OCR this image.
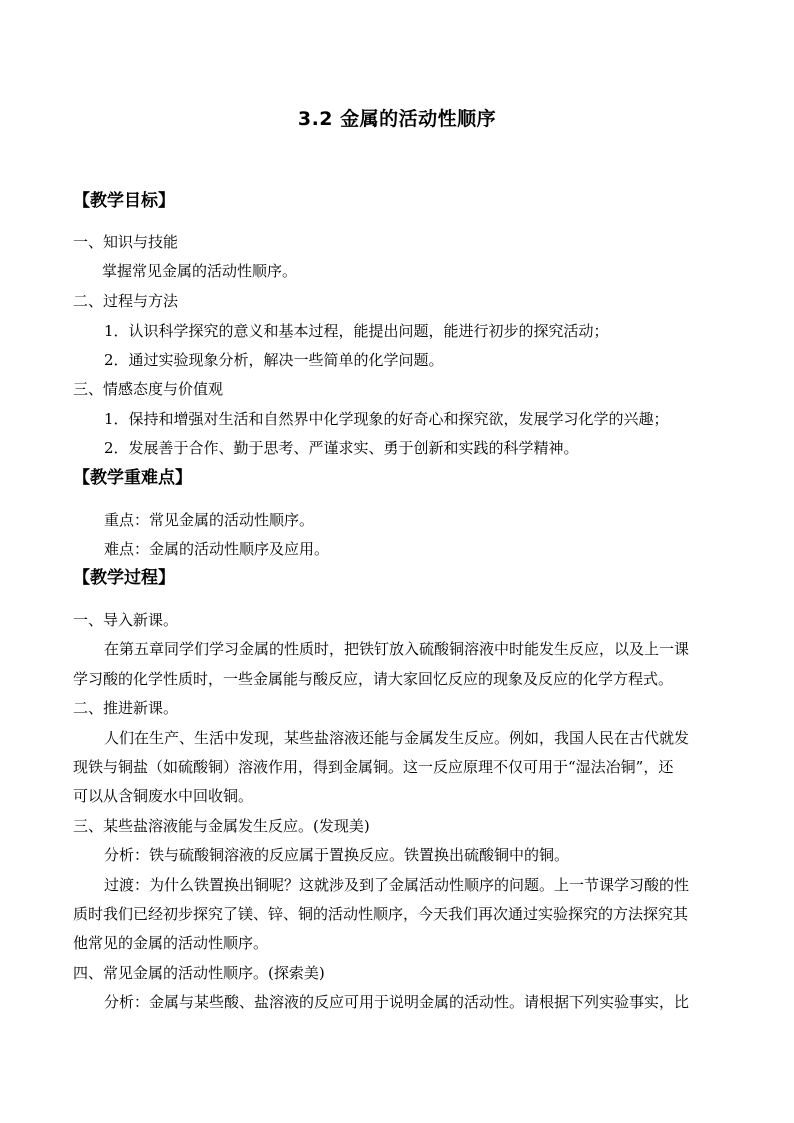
3.2 金属的活动性顺序
【教学目标】
一、知识与技能
掌握常见金属的活动性顺序。
二、过程与方法
1．认识科学探究的意义和基本过程，能提出问题，能进行初步的探究活动；
2．通过实验现象分析，解决一些简单的化学问题。
三、情感态度与价值观
1．保持和增强对生活和自然界中化学现象的好奇心和探究欲，发展学习化学的兴趣；
2．发展善于合作、勤于思考、严谨求实、勇于创新和实践的科学精神。
【教学重难点】
重点：常见金属的活动性顺序。
难点：金属的活动性顺序及应用。
【教学过程】
一、导入新课。
在第五章同学们学习金属的性质时，把铁钉放入硫酸铜溶液中时能发生反应，以及上一课
学习酸的化学性质时，一些金属能与酸反应，请大家回忆反应的现象及反应的化学方程式。
二、推进新课。
人们在生产、生活中发现，某些盐溶液还能与金属发生反应。例如，我国人民在古代就发
现铁与铜盐（如硫酸铜）溶液作用，得到金属铜。这一反应原理不仅可用于“湿法冶铜”，还
可以从含铜废水中回收铜。
三、某些盐溶液能与金属发生反应。(发现美)
分析：铁与硫酸铜溶液的反应属于置换反应。铁置换出硫酸铜中的铜。
过渡：为什么铁置换出铜呢？这就涉及到了金属活动性顺序的问题。上一节课学习酸的性
质时我们已经初步探究了镁、锌、铜的活动性顺序，今天我们再次通过实验探究的方法探究其
他常见的金属的活动性顺序。
四、常见金属的活动性顺序。(探索美)
分析：金属与某些酸、盐溶液的反应可用于说明金属的活动性。请根据下列实验事实，比
